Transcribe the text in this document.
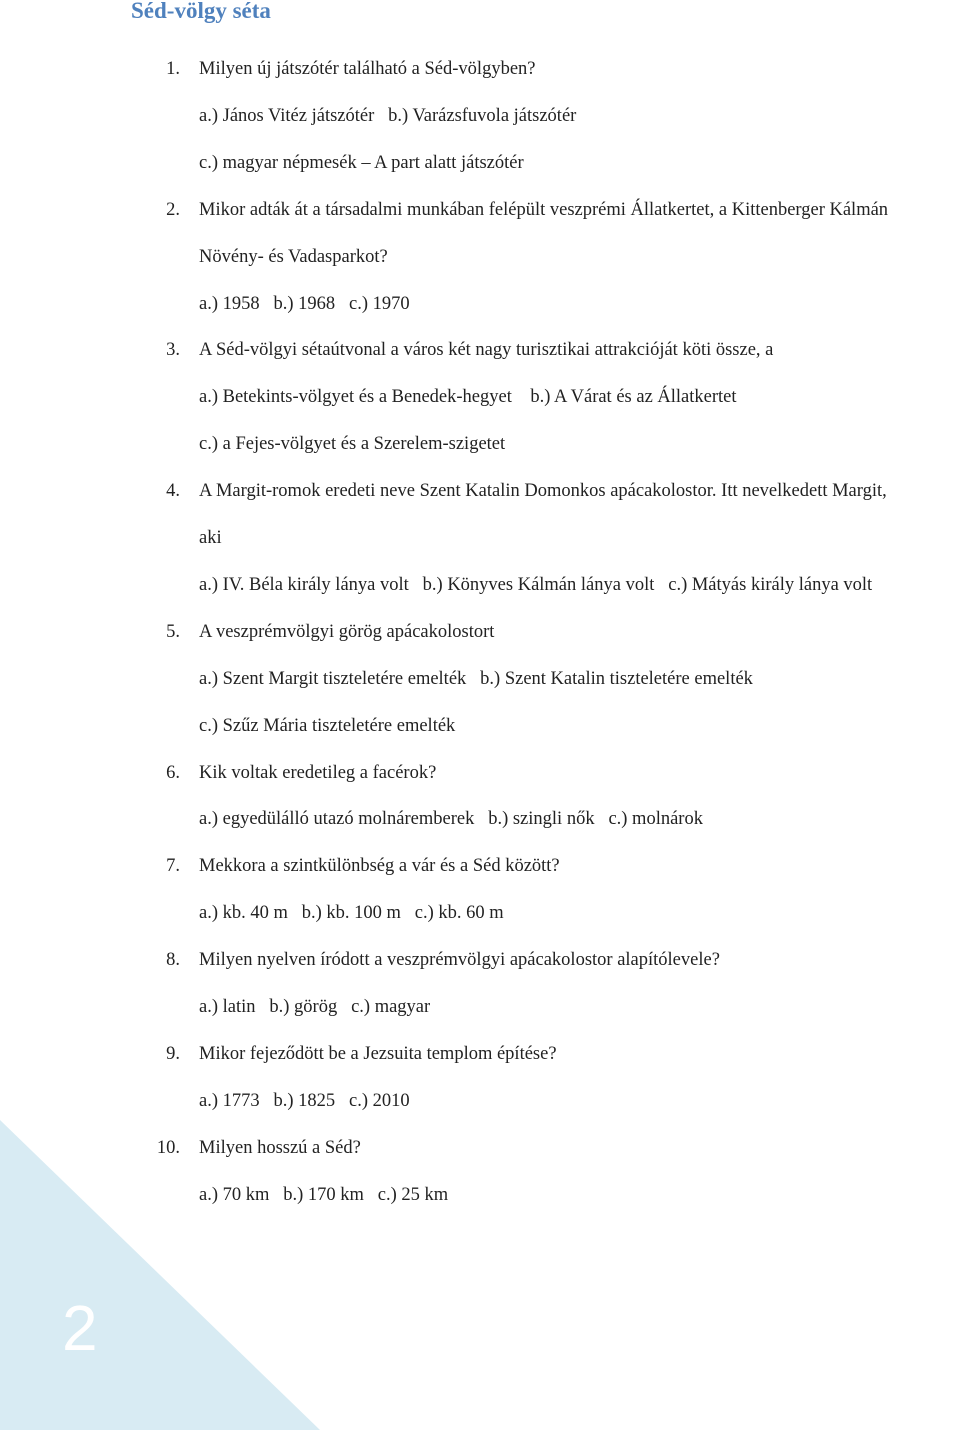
Séd-völgy séta
1. Milyen új játszótér található a Séd-völgyben?
a.) János Vitéz játszótér   b.) Varázsfuvola játszótér
c.) magyar népmesék – A part alatt játszótér
2. Mikor adták át a társadalmi munkában felépült veszprémi Állatkertet, a Kittenberger Kálmán
Növény- és Vadasparkot?
a.) 1958   b.) 1968   c.) 1970
3. A Séd-völgyi sétaútvonal a város két nagy turisztikai attrakcióját köti össze, a
a.) Betekints-völgyet és a Benedek-hegyet    b.) A Várat és az Állatkertet
c.) a Fejes-völgyet és a Szerelem-szigetet
4. A Margit-romok eredeti neve Szent Katalin Domonkos apácakolostor. Itt nevelkedett Margit,
aki
a.) IV. Béla király lánya volt   b.) Könyves Kálmán lánya volt   c.) Mátyás király lánya volt
5. A veszprémvölgyi görög apácakolostort
a.) Szent Margit tiszteletére emelték   b.) Szent Katalin tiszteletére emelték
c.) Szűz Mária tiszteletére emelték
6. Kik voltak eredetileg a facérok?
a.) egyedülálló utazó molnáremberek   b.) szingli nők   c.) molnárok
7. Mekkora a szintkülönbség a vár és a Séd között?
a.) kb. 40 m   b.) kb. 100 m   c.) kb. 60 m
8. Milyen nyelven íródott a veszprémvölgyi apácakolostor alapítólevele?
a.) latin   b.) görög   c.) magyar
9. Mikor fejeződött be a Jezsuita templom építése?
a.) 1773   b.) 1825   c.) 2010
10. Milyen hosszú a Séd?
a.) 70 km   b.) 170 km   c.) 25 km
2
